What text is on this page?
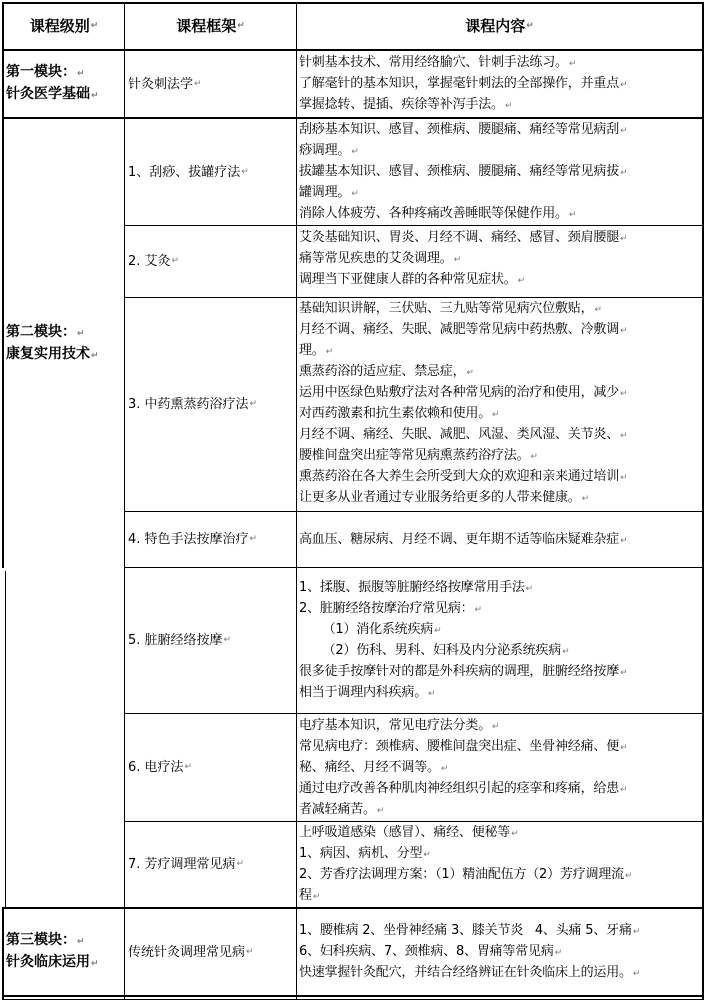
课程级别 ↵	课程框架 ↵	课程内容 ↵
第一模块：↵
针灸医学基础↵
第二模块：↵
康复实用技术↵
第三模块：↵
针灸临床运用↵
针灸刺法学 ↵
1、刮痧、拔罐疗法 ↵
2. 艾灸 ↵
3. 中药熏蒸药浴疗法 ↵
4. 特色手法按摩治疗 ↵
5. 脏腑经络按摩 ↵
6. 电疗法 ↵
7. 芳疗调理常见病 ↵
传统针灸调理常见病 ↵

针刺基本技术、常用经络腧穴、针刺手法练习。↵

了解毫针的基本知识，掌握毫针刺法的全部操作，并重点↵

掌握捻转、提插、疾徐等补泻手法。↵

刮痧基本知识、感冒、颈椎病、腰腿痛、痛经等常见病刮↵

痧调理。↵

拔罐基本知识、感冒、颈椎病、腰腿痛、痛经等常见病拔↵

罐调理。↵

消除人体疲劳、各种疼痛改善睡眠等保健作用。↵

艾灸基础知识、胃炎、月经不调、痛经、感冒、颈肩腰腿↵

痛等常见疾患的艾灸调理。↵

调理当下亚健康人群的各种常见症状。↵

基础知识讲解，三伏贴、三九贴等常见病穴位敷贴，↵

月经不调、痛经、失眠、减肥等常见病中药热敷、冷敷调↵

理。↵

熏蒸药浴的适应症、禁忌症，↵

运用中医绿色贴敷疗法对各种常见病的治疗和使用，减少↵

对西药激素和抗生素依赖和使用。↵

月经不调、痛经、失眠、减肥、风湿、类风湿、关节炎、↵

腰椎间盘突出症等常见病熏蒸药浴疗法。↵

熏蒸药浴在各大养生会所受到大众的欢迎和亲来通过培训↵

让更多从业者通过专业服务给更多的人带来健康。↵

高血压、糖尿病、月经不调、更年期不适等临床疑难杂症↵

1、揉腹、振腹等脏腑经络按摩常用手法↵

2、脏腑经络按摩治疗常见病：↵

（1）消化系统疾病↵

（2）伤科、男科、妇科及内分泌系统疾病↵

很多徒手按摩针对的都是外科疾病的调理，脏腑经络按摩↵

相当于调理内科疾病。↵

电疗基本知识，常见电疗法分类。↵

常见病电疗：颈椎病、腰椎间盘突出症、坐骨神经痛、便↵

秘、痛经、月经不调等。↵

通过电疗改善各种肌肉神经组织引起的痉挛和疼痛，给患↵

者减轻痛苦。↵

上呼吸道感染（感冒）、痛经、便秘等↵

1、病因、病机、分型↵

2、芳香疗法调理方案：（1）精油配伍方（2）芳疗调理流↵

程↵

1、腰椎病 2、坐骨神经痛 3、膝关节炎   4、头痛 5、牙痛↵

6、妇科疾病、7、颈椎病、8、胃痛等常见病↵

快速掌握针灸配穴，并结合经络辨证在针灸临床上的运用。↵
